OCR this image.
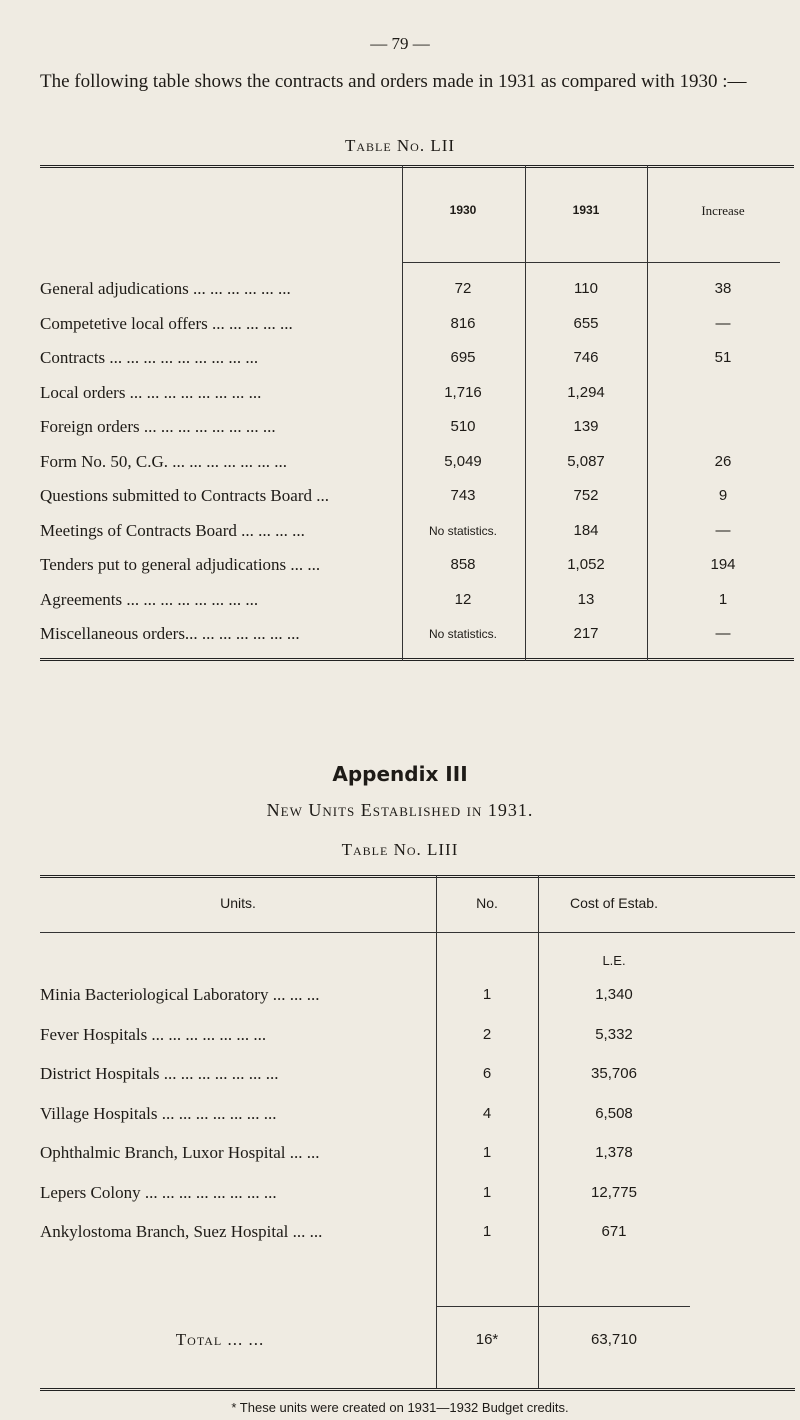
— 79 —
The following table shows the contracts and orders made in 1931 as compared with 1930 :—
Table No. LII
1930	1931	Increase
General adjudications ... ... ... ... ... ...	72	110	38
Competetive local offers ... ... ... ... ...	816	655	—
Contracts ... ... ... ... ... ... ... ... ...	695	746	51
Local orders ... ... ... ... ... ... ... ...	1,716	1,294
Foreign orders ... ... ... ... ... ... ... ...	510	139
Form No. 50, C.G. ... ... ... ... ... ... ...	5,049	5,087	26
Questions submitted to Contracts Board ...	743	752	9
Meetings of Contracts Board ... ... ... ...	No statistics.	184	—
Tenders put to general adjudications ... ...	858	1,052	194
Agreements ... ... ... ... ... ... ... ...	12	13	1
Miscellaneous orders... ... ... ... ... ... ...	No statistics.	217	—
Appendix III
New Units Established in 1931.
Table No. LIII
Units.	No.	Cost of Estab.
L.E.
Minia Bacteriological Laboratory ... ... ...	1	1,340
Fever Hospitals ... ... ... ... ... ... ...	2	5,332
District Hospitals ... ... ... ... ... ... ...	6	35,706
Village Hospitals ... ... ... ... ... ... ...	4	6,508
Ophthalmic Branch, Luxor Hospital ... ...	1	1,378
Lepers Colony ... ... ... ... ... ... ... ...	1	12,775
Ankylostoma Branch, Suez Hospital ... ...	1	671
Total ... ...	16*	63,710
* These units were created on 1931—1932 Budget credits.
